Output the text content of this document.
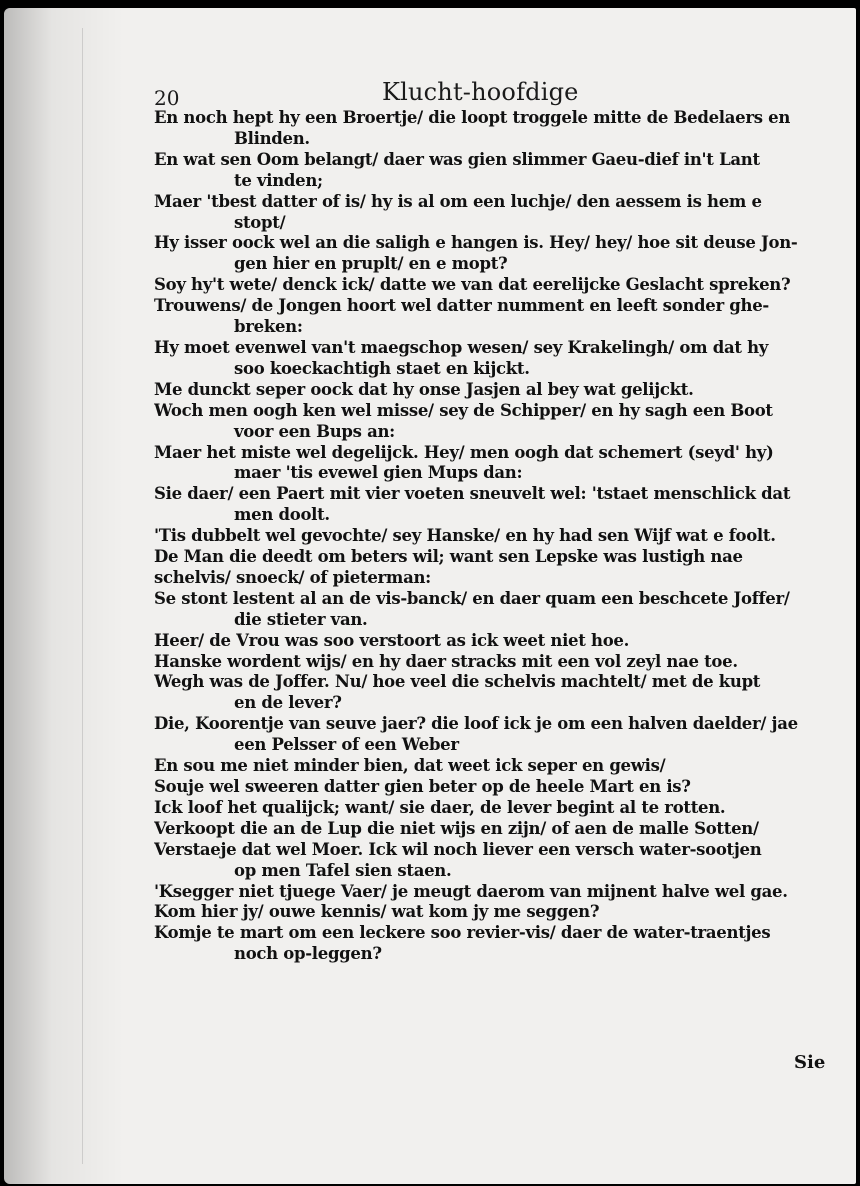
20	Klucht-hoofdige
En noch hept hy een Broertje/ die loopt troggele mitte de Bedelaers en
Blinden.
En wat sen Oom belangt/ daer was gien slimmer Gaeu-dief in't Lant
te vinden;
Maer 'tbest datter of is/ hy is al om een luchje/ den aessem is hem e
stopt/
Hy isser oock wel an die saligh e hangen is. Hey/ hey/ hoe sit deuse Jon-
gen hier en pruplt/ en e mopt?
Soy hy't wete/ denck ick/ datte we van dat eerelijcke Geslacht spreken?
Trouwens/ de Jongen hoort wel datter numment en leeft sonder ghe-
breken:
Hy moet evenwel van't maegschop wesen/ sey Krakelingh/ om dat hy
soo koeckachtigh staet en kijckt.
Me dunckt seper oock dat hy onse Jasjen al bey wat gelijckt.
Woch men oogh ken wel misse/ sey de Schipper/ en hy sagh een Boot
voor een Bups an:
Maer het miste wel degelijck. Hey/ men oogh dat schemert (seyd' hy)
maer 'tis evewel gien Mups dan:
Sie daer/ een Paert mit vier voeten sneuvelt wel: 'tstaet menschlick dat
men doolt.
'Tis dubbelt wel gevochte/ sey Hanske/ en hy had sen Wijf wat e foolt.
De Man die deedt om beters wil; want sen Lepske was lustigh nae
schelvis/ snoeck/ of pieterman:
Se stont lestent al an de vis-banck/ en daer quam een beschcete Joffer/
die stieter van.
Heer/ de Vrou was soo verstoort as ick weet niet hoe.
Hanske wordent wijs/ en hy daer stracks mit een vol zeyl nae toe.
Wegh was de Joffer. Nu/ hoe veel die schelvis machtelt/ met de kupt
en de lever?
Die, Koorentje van seuve jaer? die loof ick je om een halven daelder/ jae
een Pelsser of een Weber
En sou me niet minder bien, dat weet ick seper en gewis/
Souje wel sweeren datter gien beter op de heele Mart en is?
Ick loof het qualijck; want/ sie daer, de lever begint al te rotten.
Verkoopt die an de Lup die niet wijs en zijn/ of aen de malle Sotten/
Verstaeje dat wel Moer. Ick wil noch liever een versch water-sootjen
op men Tafel sien staen.
'Ksegger niet tjuege Vaer/ je meugt daerom van mijnent halve wel gae.
Kom hier jy/ ouwe kennis/ wat kom jy me seggen?
Komje te mart om een leckere soo revier-vis/ daer de water-traentjes
noch op-leggen?
Sie
